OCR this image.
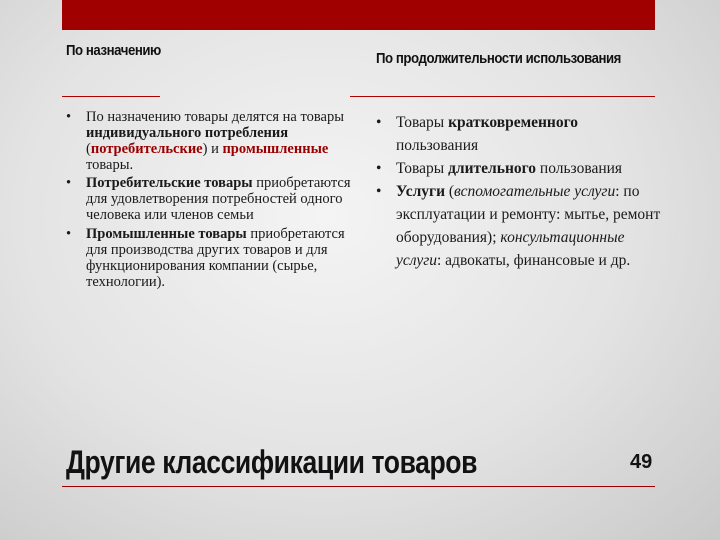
По назначению	По продолжительности использования
• По назначению товары делятся на товары индивидуального потребления (потребительские) и промышленные товары.
• Потребительские товары приобретаются для удовлетворения потребностей одного человека или членов семьи
• Промышленные товары приобретаются для производства других товаров и для функционирования компании (сырье, технологии).
• Товары кратковременного пользования
• Товары длительного пользования
• Услуги (вспомогательные услуги: по эксплуатации и ремонту: мытье, ремонт оборудования); консультационные услуги: адвокаты, финансовые и др.
Другие классификации товаров	49
